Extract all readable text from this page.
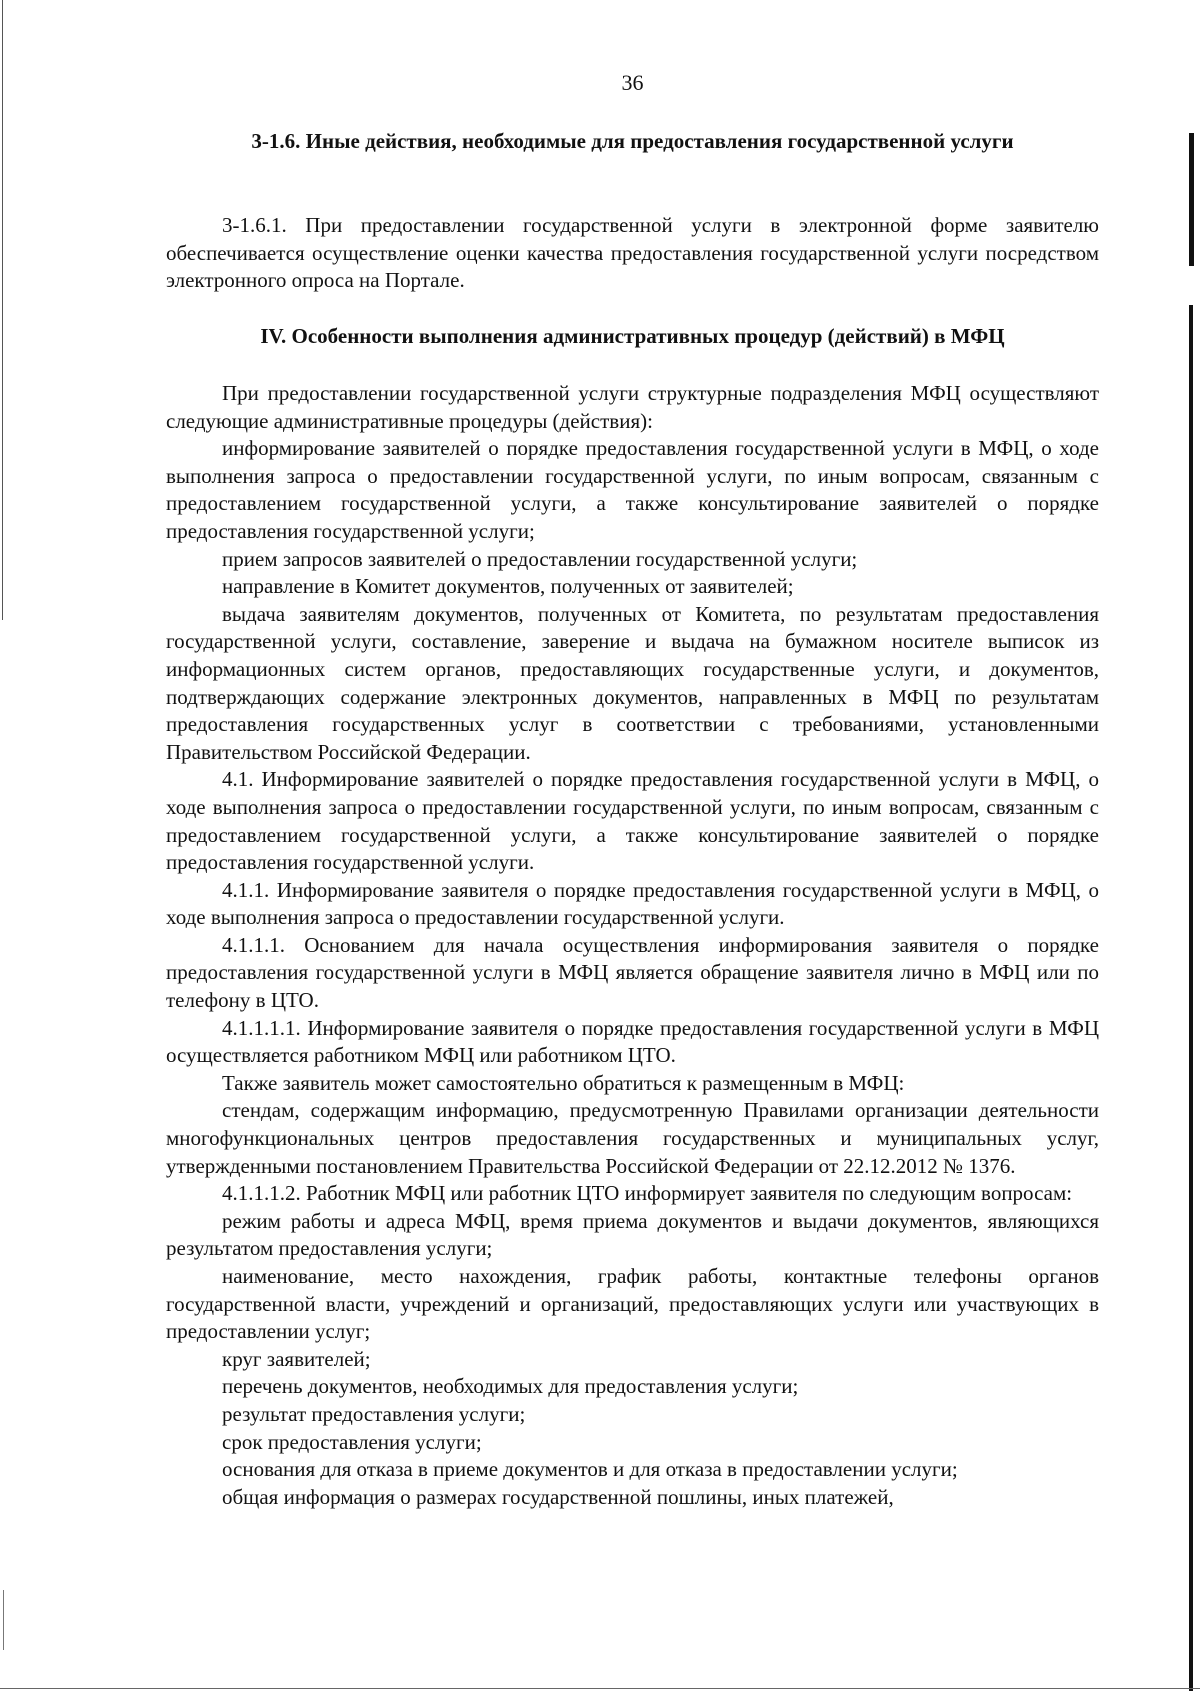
36
3-1.6. Иные действия, необходимые для предоставления государственной услуги

3-1.6.1. При предоставлении государственной услуги в электронной форме заявителю обеспечивается осуществление оценки качества предоставления государственной услуги посредством электронного опроса на Портале.

IV. Особенности выполнения административных процедур (действий) в МФЦ

При предоставлении государственной услуги структурные подразделения МФЦ осуществляют следующие административные процедуры (действия):

информирование заявителей о порядке предоставления государственной услуги в МФЦ, о ходе выполнения запроса о предоставлении государственной услуги, по иным вопросам, связанным с предоставлением государственной услуги, а также консультирование заявителей о порядке предоставления государственной услуги;

прием запросов заявителей о предоставлении государственной услуги;

направление в Комитет документов, полученных от заявителей;

выдача заявителям документов, полученных от Комитета, по результатам предоставления государственной услуги, составление, заверение и выдача на бумажном носителе выписок из информационных систем органов, предоставляющих государственные услуги, и документов, подтверждающих содержание электронных документов, направленных в МФЦ по результатам предоставления государственных услуг в соответствии с требованиями, установленными Правительством Российской Федерации.

4.1. Информирование заявителей о порядке предоставления государственной услуги в МФЦ, о ходе выполнения запроса о предоставлении государственной услуги, по иным вопросам, связанным с предоставлением государственной услуги, а также консультирование заявителей о порядке предоставления государственной услуги.

4.1.1. Информирование заявителя о порядке предоставления государственной услуги в МФЦ, о ходе выполнения запроса о предоставлении государственной услуги.

4.1.1.1. Основанием для начала осуществления информирования заявителя о порядке предоставления государственной услуги в МФЦ является обращение заявителя лично в МФЦ или по телефону в ЦТО.

4.1.1.1.1. Информирование заявителя о порядке предоставления государственной услуги в МФЦ осуществляется работником МФЦ или работником ЦТО.

Также заявитель может самостоятельно обратиться к размещенным в МФЦ:

стендам, содержащим информацию, предусмотренную Правилами организации деятельности многофункциональных центров предоставления государственных и муниципальных услуг, утвержденными постановлением Правительства Российской Федерации от 22.12.2012 № 1376.

4.1.1.1.2. Работник МФЦ или работник ЦТО информирует заявителя по следующим вопросам:

режим работы и адреса МФЦ, время приема документов и выдачи документов, являющихся результатом предоставления услуги;

наименование, место нахождения, график работы, контактные телефоны органов государственной власти, учреждений и организаций, предоставляющих услуги или участвующих в предоставлении услуг;

круг заявителей;

перечень документов, необходимых для предоставления услуги;

результат предоставления услуги;

срок предоставления услуги;

основания для отказа в приеме документов и для отказа в предоставлении услуги;

общая информация о размерах государственной пошлины, иных платежей,
